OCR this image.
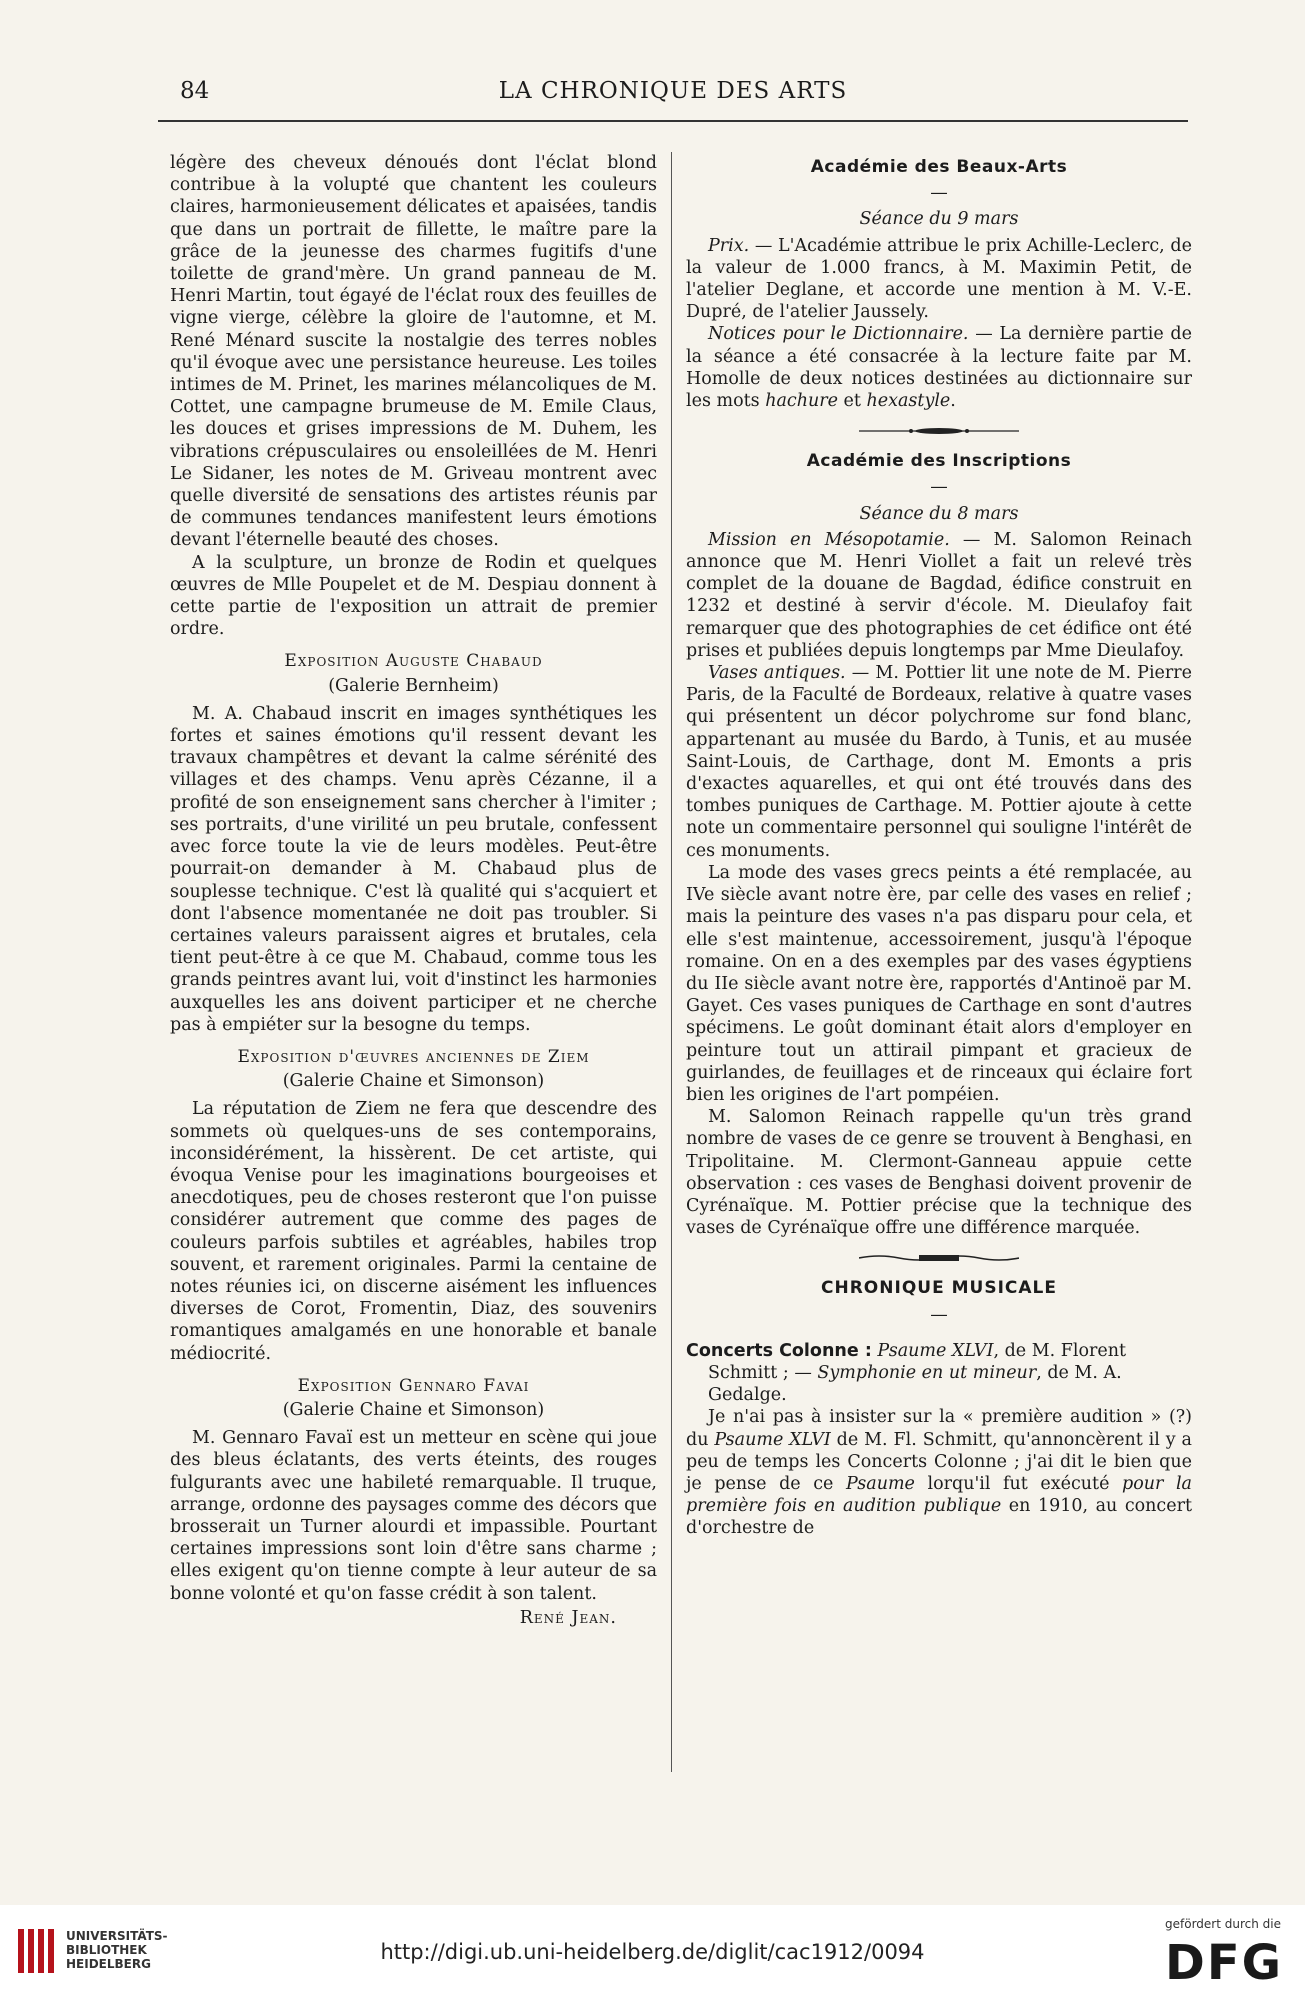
84	LA CHRONIQUE DES ARTS

légère des cheveux dénoués dont l'éclat blond contribue à la volupté que chantent les couleurs claires, harmonieusement délicates et apaisées, tandis que dans un portrait de fillette, le maître pare la grâce de la jeunesse des charmes fugitifs d'une toilette de grand'mère. Un grand panneau de M. Henri Martin, tout égayé de l'éclat roux des feuilles de vigne vierge, célèbre la gloire de l'automne, et M. René Ménard suscite la nostalgie des terres nobles qu'il évoque avec une persistance heureuse. Les toiles intimes de M. Prinet, les marines mélancoliques de M. Cottet, une campagne brumeuse de M. Emile Claus, les douces et grises impressions de M. Duhem, les vibrations crépusculaires ou ensoleillées de M. Henri Le Sidaner, les notes de M. Griveau montrent avec quelle diversité de sensations des artistes réunis par de communes tendances manifestent leurs émotions devant l'éternelle beauté des choses.

A la sculpture, un bronze de Rodin et quelques œuvres de Mlle Poupelet et de M. Despiau donnent à cette partie de l'exposition un attrait de premier ordre.

Exposition Auguste Chabaud
(Galerie Bernheim)

M. A. Chabaud inscrit en images synthétiques les fortes et saines émotions qu'il ressent devant les travaux champêtres et devant la calme sérénité des villages et des champs. Venu après Cézanne, il a profité de son enseignement sans chercher à l'imiter ; ses portraits, d'une virilité un peu brutale, confessent avec force toute la vie de leurs modèles. Peut-être pourrait-on demander à M. Chabaud plus de souplesse technique. C'est là qualité qui s'acquiert et dont l'absence momentanée ne doit pas troubler. Si certaines valeurs paraissent aigres et brutales, cela tient peut-être à ce que M. Chabaud, comme tous les grands peintres avant lui, voit d'instinct les harmonies auxquelles les ans doivent participer et ne cherche pas à empiéter sur la besogne du temps.

Exposition d'œuvres anciennes de Ziem
(Galerie Chaine et Simonson)

La réputation de Ziem ne fera que descendre des sommets où quelques-uns de ses contemporains, inconsidérément, la hissèrent. De cet artiste, qui évoqua Venise pour les imaginations bourgeoises et anecdotiques, peu de choses resteront que l'on puisse considérer autrement que comme des pages de couleurs parfois subtiles et agréables, habiles trop souvent, et rarement originales. Parmi la centaine de notes réunies ici, on discerne aisément les influences diverses de Corot, Fromentin, Diaz, des souvenirs romantiques amalgamés en une honorable et banale médiocrité.

Exposition Gennaro Favai
(Galerie Chaine et Simonson)

M. Gennaro Favaï est un metteur en scène qui joue des bleus éclatants, des verts éteints, des rouges fulgurants avec une habileté remarquable. Il truque, arrange, ordonne des paysages comme des décors que brosserait un Turner alourdi et impassible. Pourtant certaines impressions sont loin d'être sans charme ; elles exigent qu'on tienne compte à leur auteur de sa bonne volonté et qu'on fasse crédit à son talent.

René Jean.
Académie des Beaux-Arts
—
Séance du 9 mars

Prix. — L'Académie attribue le prix Achille-Leclerc, de la valeur de 1.000 francs, à M. Maximin Petit, de l'atelier Deglane, et accorde une mention à M. V.-E. Dupré, de l'atelier Jaussely.

Notices pour le Dictionnaire. — La dernière partie de la séance a été consacrée à la lecture faite par M. Homolle de deux notices destinées au dictionnaire sur les mots hachure et hexastyle.

Académie des Inscriptions
—
Séance du 8 mars

Mission en Mésopotamie. — M. Salomon Reinach annonce que M. Henri Viollet a fait un relevé très complet de la douane de Bagdad, édifice construit en 1232 et destiné à servir d'école. M. Dieulafoy fait remarquer que des photographies de cet édifice ont été prises et publiées depuis longtemps par Mme Dieulafoy.

Vases antiques. — M. Pottier lit une note de M. Pierre Paris, de la Faculté de Bordeaux, relative à quatre vases qui présentent un décor polychrome sur fond blanc, appartenant au musée du Bardo, à Tunis, et au musée Saint-Louis, de Carthage, dont M. Emonts a pris d'exactes aquarelles, et qui ont été trouvés dans des tombes puniques de Carthage. M. Pottier ajoute à cette note un commentaire personnel qui souligne l'intérêt de ces monuments.

La mode des vases grecs peints a été remplacée, au IVe siècle avant notre ère, par celle des vases en relief ; mais la peinture des vases n'a pas disparu pour cela, et elle s'est maintenue, accessoirement, jusqu'à l'époque romaine. On en a des exemples par des vases égyptiens du IIe siècle avant notre ère, rapportés d'Antinoë par M. Gayet. Ces vases puniques de Carthage en sont d'autres spécimens. Le goût dominant était alors d'employer en peinture tout un attirail pimpant et gracieux de guirlandes, de feuillages et de rinceaux qui éclaire fort bien les origines de l'art pompéien.

M. Salomon Reinach rappelle qu'un très grand nombre de vases de ce genre se trouvent à Benghasi, en Tripolitaine. M. Clermont-Ganneau appuie cette observation : ces vases de Benghasi doivent provenir de Cyrénaïque. M. Pottier précise que la technique des vases de Cyrénaïque offre une différence marquée.

CHRONIQUE MUSICALE
—

Concerts Colonne : Psaume XLVI, de M. Florent Schmitt ; — Symphonie en ut mineur, de M. A. Gedalge.

Je n'ai pas à insister sur la « première audition » (?) du Psaume XLVI de M. Fl. Schmitt, qu'annoncèrent il y a peu de temps les Concerts Colonne ; j'ai dit le bien que je pense de ce Psaume lorqu'il fut exécuté pour la première fois en audition publique en 1910, au concert d'orchestre de

UNIVERSITÄTS-
BIBLIOTHEK
HEIDELBERG	http://digi.ub.uni-heidelberg.de/diglit/cac1912/0094
gefördert durch die
DFG
